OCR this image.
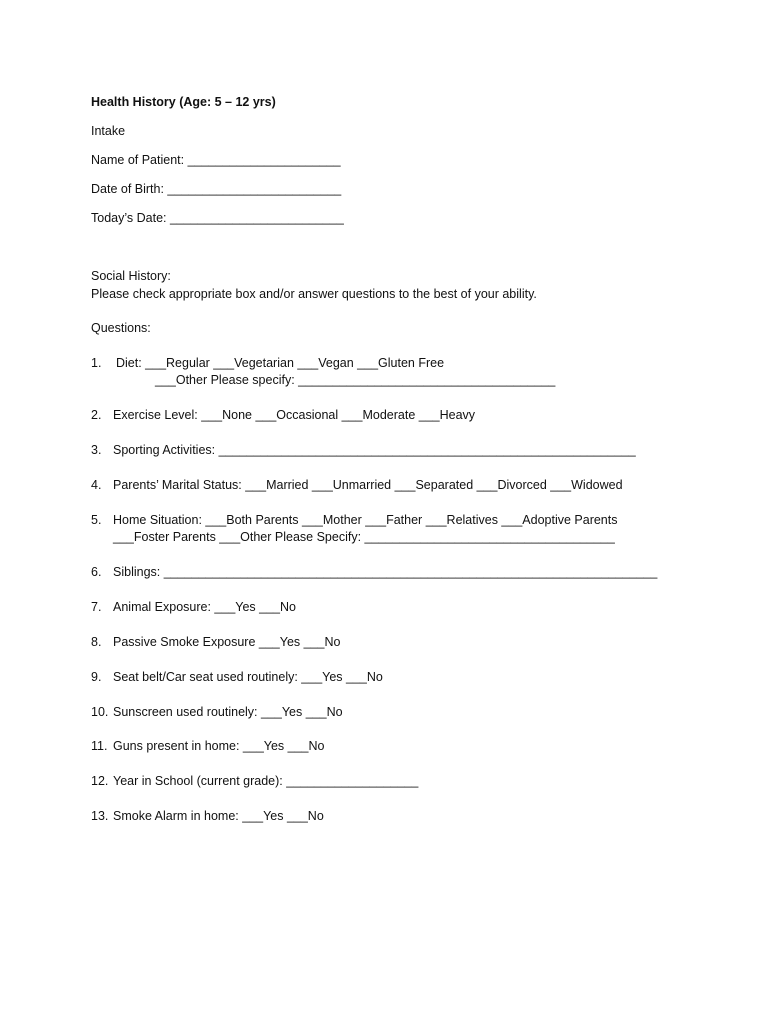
Health History (Age: 5 – 12 yrs)
Intake
Name of Patient: ______________________
Date of Birth: _________________________
Today’s Date: _________________________
Social History:
Please check appropriate box and/or answer questions to the best of your ability.
Questions:
1. Diet: ___Regular ___Vegetarian ___Vegan ___Gluten Free
___Other Please specify: _____________________________________
2. Exercise Level: ___None ___Occasional ___Moderate ___Heavy
3. Sporting Activities: ____________________________________________________________
4. Parents’ Marital Status: ___Married ___Unmarried ___Separated ___Divorced ___Widowed
5. Home Situation: ___Both Parents ___Mother ___Father ___Relatives ___Adoptive Parents
___Foster Parents ___Other Please Specify: ____________________________________
6. Siblings: _______________________________________________________________________
7. Animal Exposure: ___Yes ___No
8. Passive Smoke Exposure ___Yes ___No
9. Seat belt/Car seat used routinely: ___Yes ___No
10. Sunscreen used routinely: ___Yes ___No
11. Guns present in home: ___Yes ___No
12. Year in School (current grade): ___________________
13. Smoke Alarm in home: ___Yes ___No
